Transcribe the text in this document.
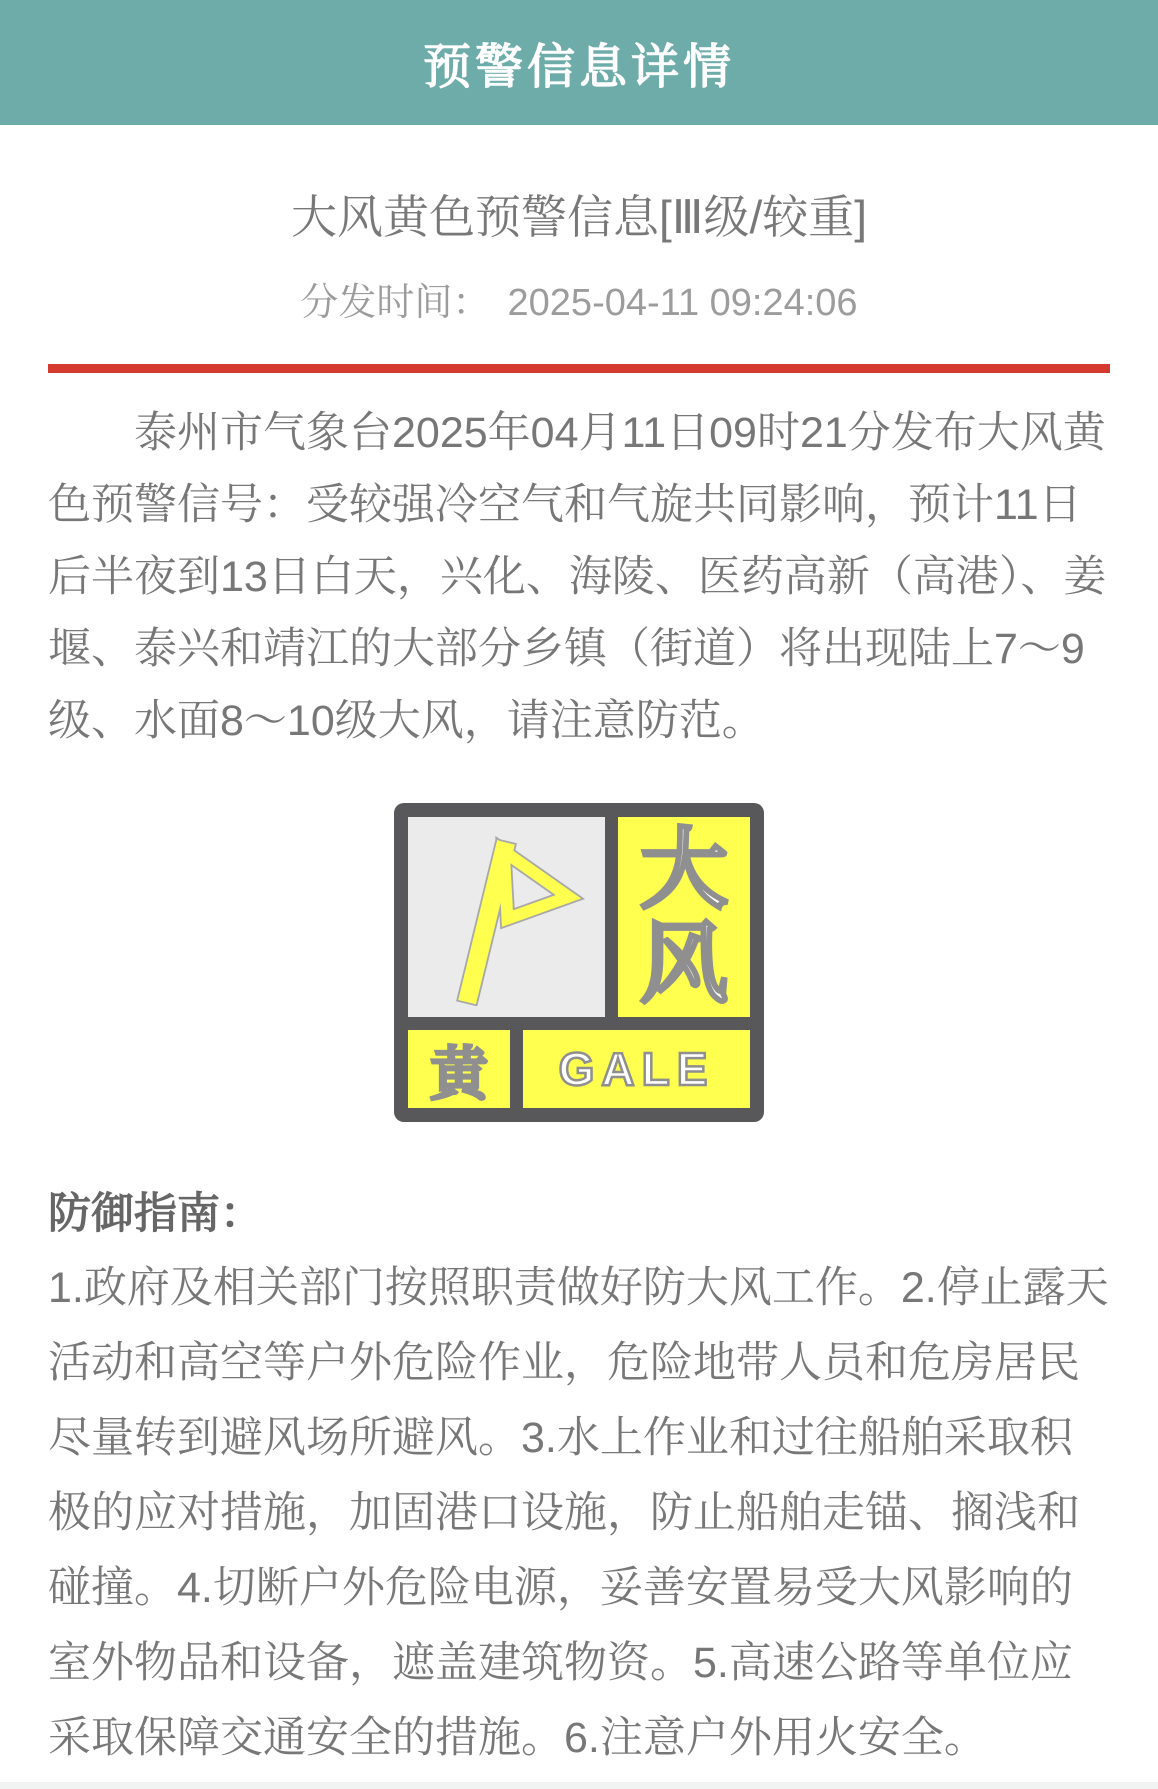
预警信息详情
大风黄色预警信息[Ⅲ级/较重]
分发时间： 2025-04-11 09:24:06
泰州市气象台2025年04月11日09时21分发布大风黄色预警信号：受较强冷空气和气旋共同影响，预计11日后半夜到13日白天，兴化、海陵、医药高新（高港）、姜堰、泰兴和靖江的大部分乡镇（街道）将出现陆上7～9级、水面8～10级大风，请注意防范。
大
风
黄 GALE
防御指南：
1.政府及相关部门按照职责做好防大风工作。2.停止露天活动和高空等户外危险作业，危险地带人员和危房居民尽量转到避风场所避风。3.水上作业和过往船舶采取积极的应对措施，加固港口设施，防止船舶走锚、搁浅和碰撞。4.切断户外危险电源，妥善安置易受大风影响的室外物品和设备，遮盖建筑物资。5.高速公路等单位应采取保障交通安全的措施。6.注意户外用火安全。
